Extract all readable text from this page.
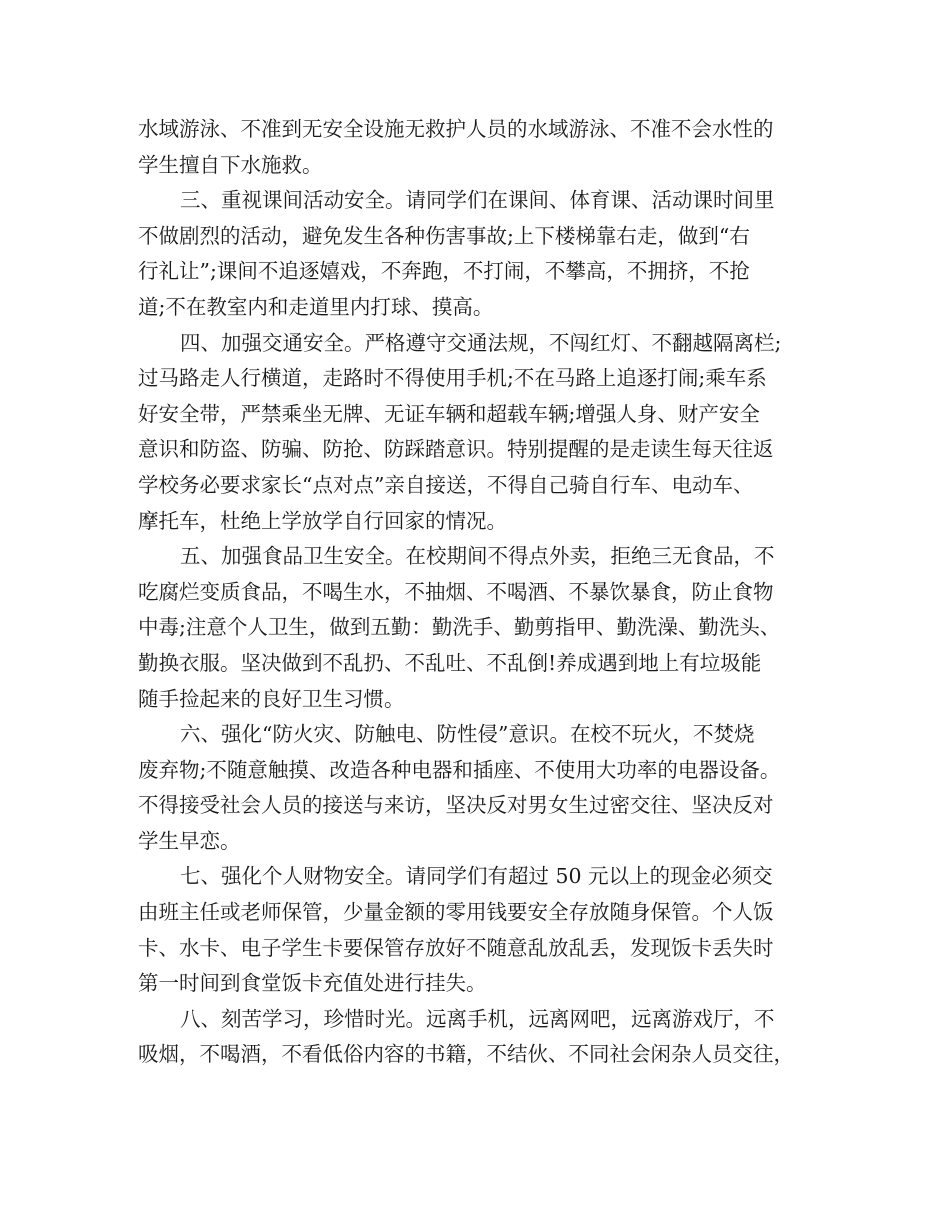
水域游泳、不准到无安全设施无救护人员的水域游泳、不准不会水性的
学生擅自下水施救。
三、重视课间活动安全。请同学们在课间、体育课、活动课时间里
不做剧烈的活动，避免发生各种伤害事故;上下楼梯靠右走，做到“右
行礼让”;课间不追逐嬉戏，不奔跑，不打闹，不攀高，不拥挤，不抢
道;不在教室内和走道里内打球、摸高。
四、加强交通安全。严格遵守交通法规，不闯红灯、不翻越隔离栏;
过马路走人行横道，走路时不得使用手机;不在马路上追逐打闹;乘车系
好安全带，严禁乘坐无牌、无证车辆和超载车辆;增强人身、财产安全
意识和防盗、防骗、防抢、防踩踏意识。特别提醒的是走读生每天往返
学校务必要求家长“点对点”亲自接送，不得自己骑自行车、电动车、
摩托车，杜绝上学放学自行回家的情况。
五、加强食品卫生安全。在校期间不得点外卖，拒绝三无食品，不
吃腐烂变质食品，不喝生水，不抽烟、不喝酒、不暴饮暴食，防止食物
中毒;注意个人卫生，做到五勤：勤洗手、勤剪指甲、勤洗澡、勤洗头、
勤换衣服。坚决做到不乱扔、不乱吐、不乱倒!养成遇到地上有垃圾能
随手捡起来的良好卫生习惯。
六、强化“防火灾、防触电、防性侵”意识。在校不玩火，不焚烧
废弃物;不随意触摸、改造各种电器和插座、不使用大功率的电器设备。
不得接受社会人员的接送与来访，坚决反对男女生过密交往、坚决反对
学生早恋。
七、强化个人财物安全。请同学们有超过 50 元以上的现金必须交
由班主任或老师保管，少量金额的零用钱要安全存放随身保管。个人饭
卡、水卡、电子学生卡要保管存放好不随意乱放乱丢，发现饭卡丢失时
第一时间到食堂饭卡充值处进行挂失。
八、刻苦学习，珍惜时光。远离手机，远离网吧，远离游戏厅，不
吸烟，不喝酒，不看低俗内容的书籍，不结伙、不同社会闲杂人员交往，
